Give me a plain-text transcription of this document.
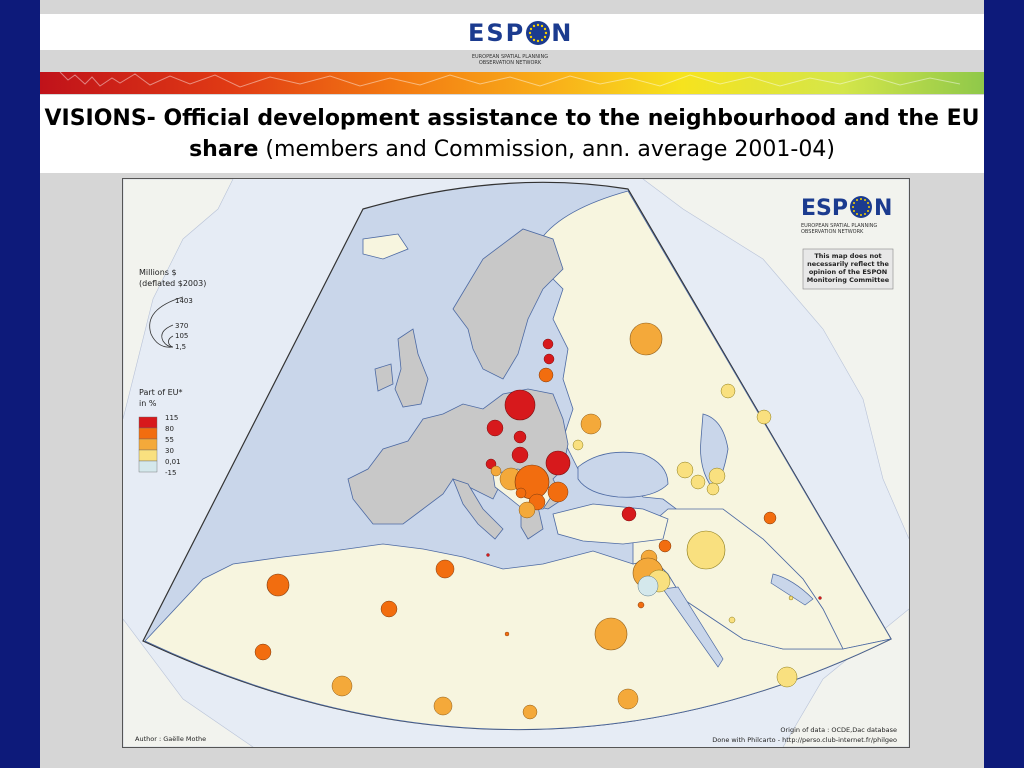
ESP N
EUROPEAN SPATIAL PLANNING
OBSERVATION NETWORK
VISIONS- Official development assistance to the neighbourhood and the EU share (members and Commission, ann. average 2001-04)
Millions $
(deflated $2003)
1403
370
105
1,5
Part of EU*
in %
115
80
55
30
0,01
-15
ESP N
EUROPEAN SPATIAL PLANNING
OBSERVATION NETWORK
This map does not
necessarily reflect the
opinion of the ESPON
Monitoring Committee
Author : Gaëlle Mothe
Origin of data : OCDE,Dac database
Done with Philcarto - http://perso.club-internet.fr/philgeo
